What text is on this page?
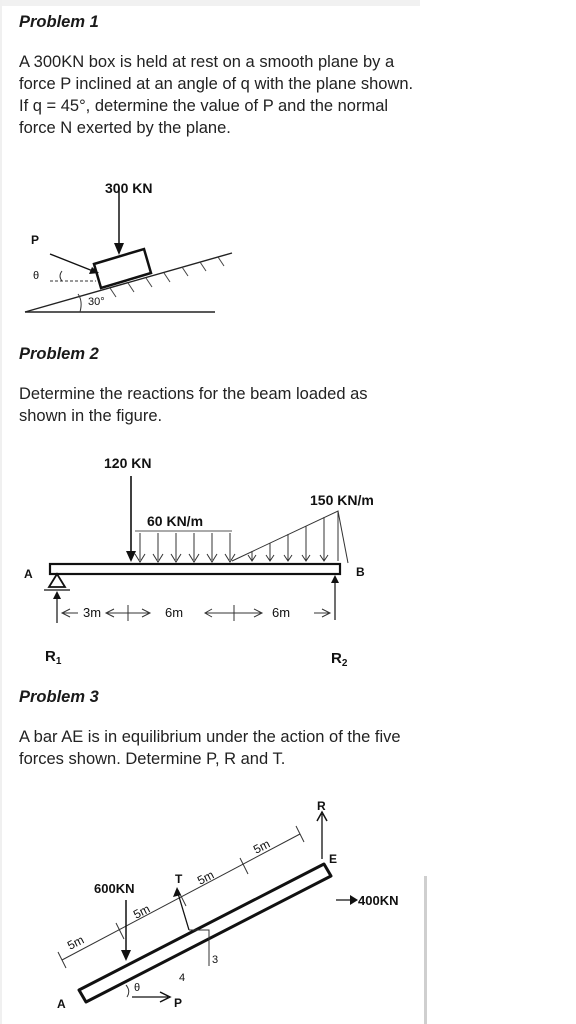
Problem 1

A 300KN box is held at rest on a smooth plane by a force P inclined at an angle of q with the plane shown. If q = 45°, determine the value of P and the normal force N exerted by the plane.

300 KN
P
θ
30°
Problem 2

Determine the reactions for the beam loaded as shown in the figure.

120 KN
60 KN/m
150 KN/m
A	B
$R_1$	$R_2$
3m	6m	6m
Problem 3

A bar AE is in equilibrium under the action of the five forces shown. Determine P, R and T.

5m
5m
5m
5m
600KN
T
3
4
θ
P
R
400KN
E
A
